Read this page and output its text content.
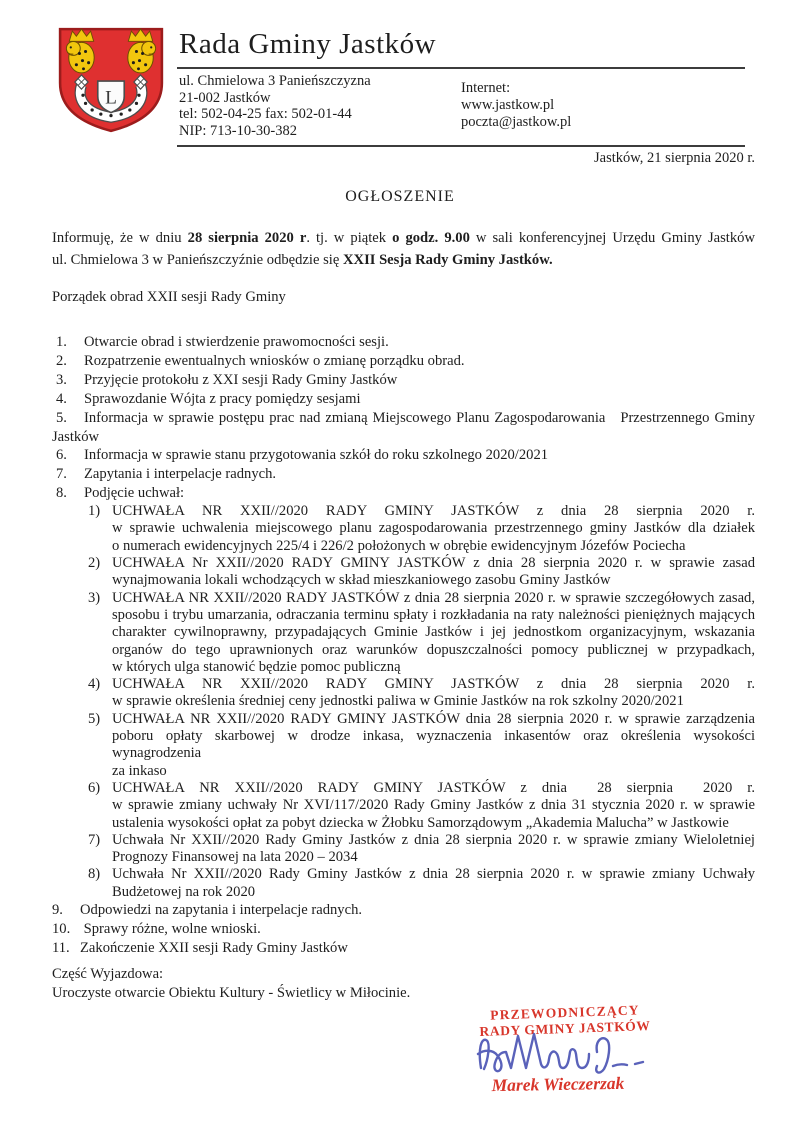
L
Rada Gminy Jastków
ul. Chmielowa 3 Panieńszczyzna
21-002 Jastków
tel: 502-04-25 fax: 502-01-44
NIP: 713-10-30-382
Internet:
www.jastkow.pl
poczta@jastkow.pl
Jastków, 21 sierpnia 2020 r.
OGŁOSZENIE
Informuję, że w dniu 28 sierpnia 2020 r. tj. w piątek o godz. 9.00 w sali konferencyjnej Urzędu Gminy Jastków
ul. Chmielowa 3 w Panieńszczyźnie odbędzie się XXII Sesja Rady Gminy Jastków.
Porządek obrad XXII sesji Rady Gminy
1. Otwarcie obrad i stwierdzenie prawomocności sesji.
2. Rozpatrzenie ewentualnych wniosków o zmianę porządku obrad.
3. Przyjęcie protokołu z XXI sesji Rady Gminy Jastków
4. Sprawozdanie Wójta z pracy pomiędzy sesjami
5. Informacja w sprawie postępu prac nad zmianą Miejscowego Planu Zagospodarowania   Przestrzennego Gminy
Jastków
6. Informacja w sprawie stanu przygotowania szkół do roku szkolnego 2020/2021
7. Zapytania i interpelacje radnych.
8. Podjęcie uchwał:
1) UCHWAŁA NR XXII//2020 RADY GMINY JASTKÓW z dnia 28 sierpnia 2020 r.
w sprawie uchwalenia miejscowego planu zagospodarowania przestrzennego gminy Jastków dla działek
o numerach ewidencyjnych 225/4 i 226/2 położonych w obrębie ewidencyjnym Józefów Pociecha
2) UCHWAŁA Nr XXII//2020 RADY GMINY JASTKÓW z dnia 28 sierpnia 2020 r. w sprawie zasad
wynajmowania lokali wchodzących w skład mieszkaniowego zasobu Gminy Jastków
3) UCHWAŁA NR XXII//2020 RADY JASTKÓW z dnia 28 sierpnia 2020 r. w sprawie szczegółowych zasad,
sposobu i trybu umarzania, odraczania terminu spłaty i rozkładania na raty należności pieniężnych mających
charakter cywilnoprawny, przypadających Gminie Jastków i jej jednostkom organizacyjnym, wskazania
organów do tego uprawnionych oraz warunków dopuszczalności pomocy publicznej w przypadkach,
w których ulga stanowić będzie pomoc publiczną
4) UCHWAŁA NR XXII//2020 RADY GMINY JASTKÓW z dnia 28 sierpnia 2020 r.
w sprawie określenia średniej ceny jednostki paliwa w Gminie Jastków na rok szkolny 2020/2021
5) UCHWAŁA NR XXII//2020 RADY GMINY JASTKÓW dnia 28 sierpnia 2020 r. w sprawie zarządzenia
poboru opłaty skarbowej w drodze inkasa, wyznaczenia inkasentów oraz określenia wysokości
wynagrodzenia
za inkaso
6) UCHWAŁA NR XXII//2020 RADY GMINY JASTKÓW z dnia  28 sierpnia  2020 r.
w sprawie zmiany uchwały Nr XVI/117/2020 Rady Gminy Jastków z dnia 31 stycznia 2020 r. w sprawie
ustalenia wysokości opłat za pobyt dziecka w Żłobku Samorządowym „Akademia Malucha” w Jastkowie
7) Uchwała Nr XXII//2020 Rady Gminy Jastków z dnia 28 sierpnia 2020 r. w sprawie zmiany Wieloletniej
Prognozy Finansowej na lata 2020 – 2034
8) Uchwała Nr XXII//2020 Rady Gminy Jastków z dnia 28 sierpnia 2020 r. w sprawie zmiany Uchwały
Budżetowej na rok 2020
9. Odpowiedzi na zapytania i interpelacje radnych.
10. Sprawy różne, wolne wnioski.
11. Zakończenie XXII sesji Rady Gminy Jastków
Część Wyjazdowa:
Uroczyste otwarcie Obiektu Kultury - Świetlicy w Miłocinie.
PRZEWODNICZĄCY
RADY GMINY JASTKÓW
Marek Wieczerzak
